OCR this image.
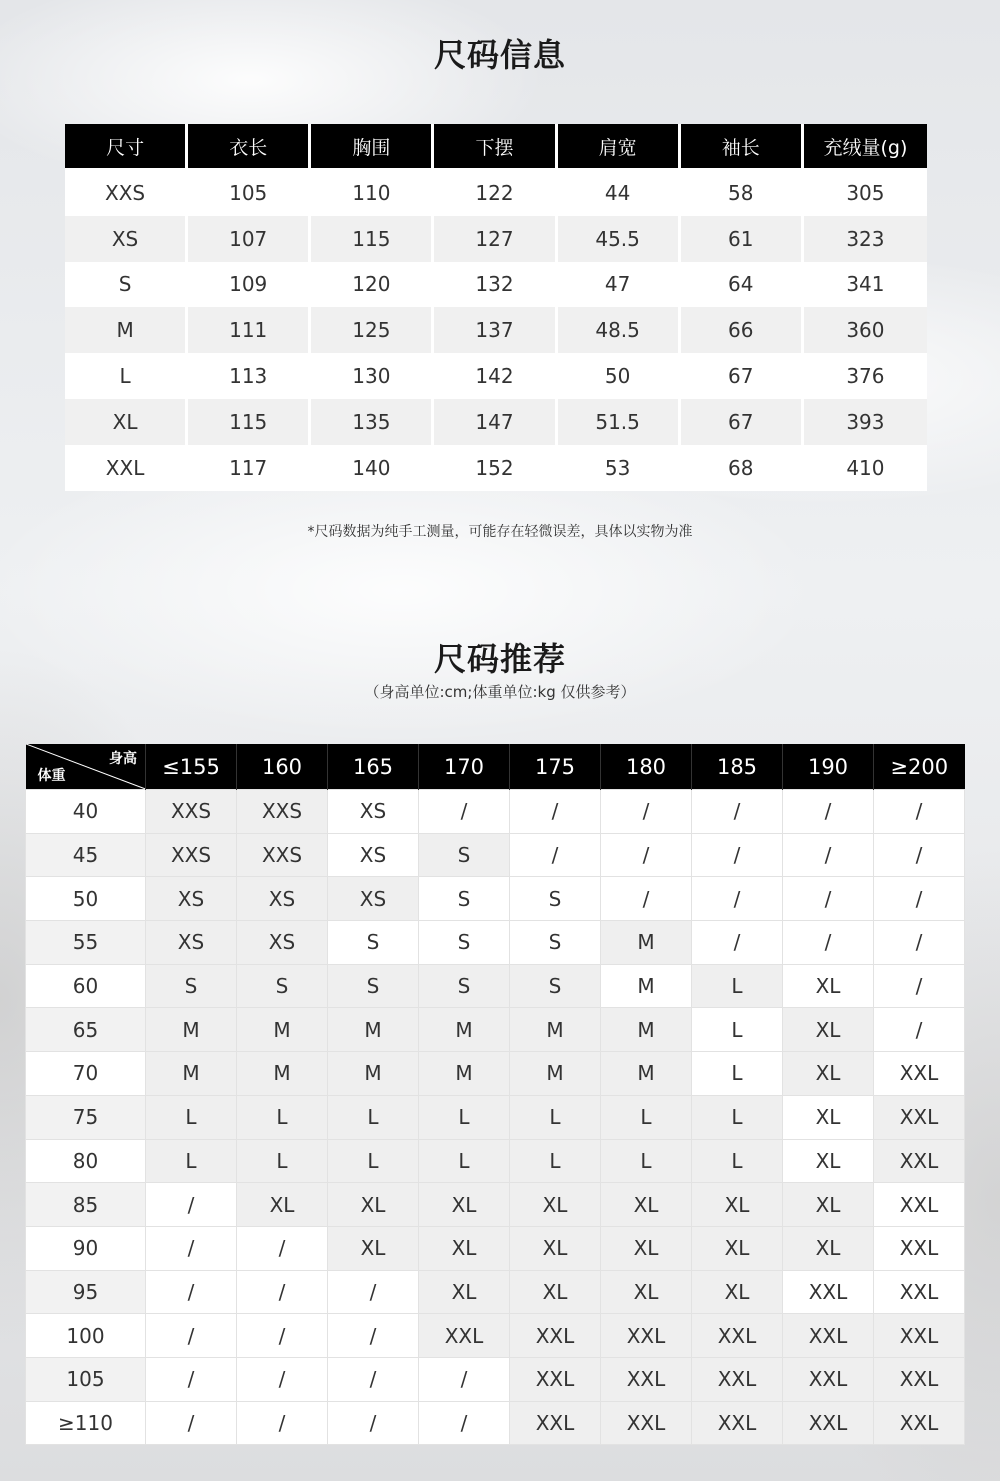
尺码信息
尺寸	衣长	胸围	下摆	肩宽	袖长	充绒量(g)
XXS	105	110	122	44	58	305
XS	107	115	127	45.5	61	323
S	109	120	132	47	64	341
M	111	125	137	48.5	66	360
L	113	130	142	50	67	376
XL	115	135	147	51.5	67	393
XXL	117	140	152	53	68	410
*尺码数据为纯手工测量，可能存在轻微误差，具体以实物为准
尺码推荐
（身高单位:cm;体重单位:kg 仅供参考）
身高
体重	≤155	160	165	170	175	180	185	190	≥200
40	XXS	XXS	XS	/	/	/	/	/	/
45	XXS	XXS	XS	S	/	/	/	/	/
50	XS	XS	XS	S	S	/	/	/	/
55	XS	XS	S	S	S	M	/	/	/
60	S	S	S	S	S	M	L	XL	/
65	M	M	M	M	M	M	L	XL	/
70	M	M	M	M	M	M	L	XL	XXL
75	L	L	L	L	L	L	L	XL	XXL
80	L	L	L	L	L	L	L	XL	XXL
85	/	XL	XL	XL	XL	XL	XL	XL	XXL
90	/	/	XL	XL	XL	XL	XL	XL	XXL
95	/	/	/	XL	XL	XL	XL	XXL	XXL
100	/	/	/	XXL	XXL	XXL	XXL	XXL	XXL
105	/	/	/	/	XXL	XXL	XXL	XXL	XXL
≥110	/	/	/	/	XXL	XXL	XXL	XXL	XXL
